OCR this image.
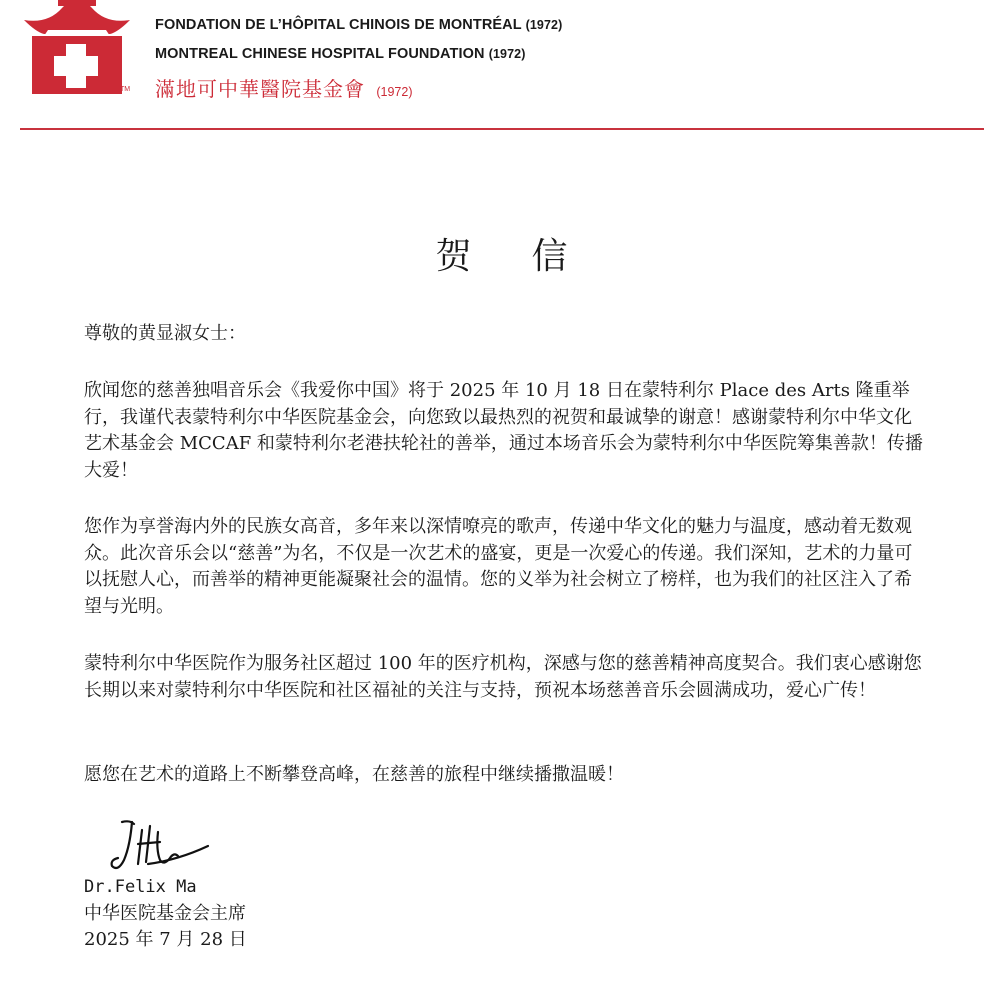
TM
FONDATION DE L’HÔPITAL CHINOIS DE MONTRÉAL (1972)
MONTREAL CHINESE HOSPITAL FOUNDATION (1972)
滿地可中華醫院基金會 (1972)
贺信

尊敬的黄显淑女士：

欣闻您的慈善独唱音乐会《我爱你中国》将于 2025 年 10 月 18 日在蒙特利尔 Place des Arts 隆重举行，我谨代表蒙特利尔中华医院基金会，向您致以最热烈的祝贺和最诚挚的谢意！感谢蒙特利尔中华文化艺术基金会 MCCAF 和蒙特利尔老港扶轮社的善举，通过本场音乐会为蒙特利尔中华医院筹集善款！传播大爱！

您作为享誉海内外的民族女高音，多年来以深情嘹亮的歌声，传递中华文化的魅力与温度，感动着无数观众。此次音乐会以“慈善”为名，不仅是一次艺术的盛宴，更是一次爱心的传递。我们深知，艺术的力量可以抚慰人心，而善举的精神更能凝聚社会的温情。您的义举为社会树立了榜样，也为我们的社区注入了希望与光明。

蒙特利尔中华医院作为服务社区超过 100 年的医疗机构，深感与您的慈善精神高度契合。我们衷心感谢您长期以来对蒙特利尔中华医院和社区福祉的关注与支持，预祝本场慈善音乐会圆满成功，爱心广传！

愿您在艺术的道路上不断攀登高峰，在慈善的旅程中继续播撒温暖！

Dr.Felix Ma
中华医院基金会主席
2025 年 7 月 28 日
